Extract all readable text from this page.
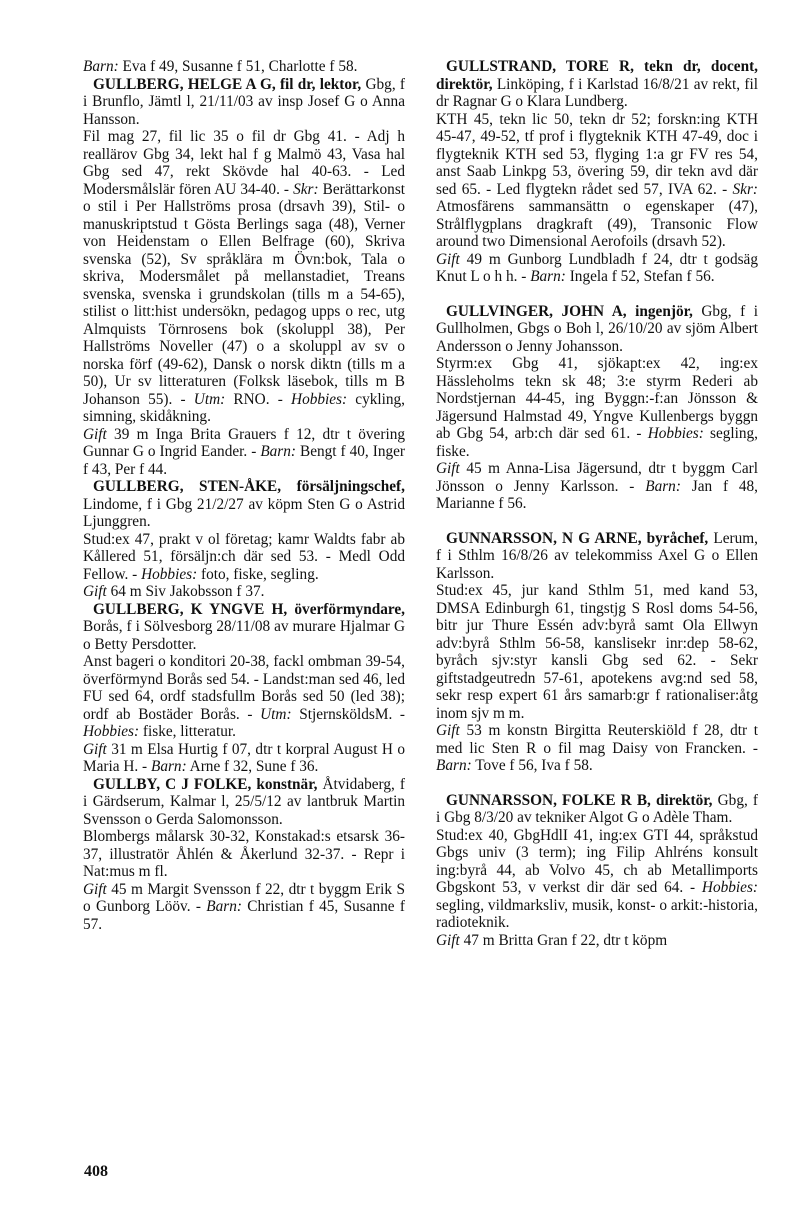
Barn: Eva f 49, Susanne f 51, Charlotte f 58.

GULLBERG, HELGE A G, fil dr, lektor, Gbg, f i Brunflo, Jämtl l, 21/11/03 av insp Josef G o Anna Hansson.

Fil mag 27, fil lic 35 o fil dr Gbg 41. - Adj h reallärov Gbg 34, lekt hal f g Malmö 43, Vasa hal Gbg sed 47, rekt Skövde hal 40-63. - Led Modersmålslär fören AU 34-40. - Skr: Berättarkonst o stil i Per Hallströms prosa (drsavh 39), Stil- o manuskriptstud t Gösta Berlings saga (48), Verner von Heidenstam o Ellen Belfrage (60), Skriva svenska (52), Sv språklära m Övn:bok, Tala o skriva, Modersmålet på mellanstadiet, Treans svenska, svenska i grundskolan (tills m a 54-65), stilist o litt:hist undersökn, pedagog upps o rec, utg Almquists Törnrosens bok (skoluppl 38), Per Hallströms Noveller (47) o a skoluppl av sv o norska förf (49-62), Dansk o norsk diktn (tills m a 50), Ur sv litteraturen (Folksk läsebok, tills m B Johanson 55). - Utm: RNO. - Hobbies: cykling, simning, skidåkning.

Gift 39 m Inga Brita Grauers f 12, dtr t övering Gunnar G o Ingrid Eander. - Barn: Bengt f 40, Inger f 43, Per f 44.

GULLBERG, STEN-ÅKE, försäljningschef, Lindome, f i Gbg 21/2/27 av köpm Sten G o Astrid Ljunggren.

Stud:ex 47, prakt v ol företag; kamr Waldts fabr ab Kållered 51, försäljn:ch där sed 53. - Medl Odd Fellow. - Hobbies: foto, fiske, segling.

Gift 64 m Siv Jakobsson f 37.

GULLBERG, K YNGVE H, överförmyndare, Borås, f i Sölvesborg 28/11/08 av murare Hjalmar G o Betty Persdotter.

Anst bageri o konditori 20-38, fackl ombman 39-54, överförmynd Borås sed 54. - Landst:man sed 46, led FU sed 64, ordf stadsfullm Borås sed 50 (led 38); ordf ab Bostäder Borås. - Utm: StjernsköldsM. - Hobbies: fiske, litteratur.

Gift 31 m Elsa Hurtig f 07, dtr t korpral August H o Maria H. - Barn: Arne f 32, Sune f 36.

GULLBY, C J FOLKE, konstnär, Åtvidaberg, f i Gärdserum, Kalmar l, 25/5/12 av lantbruk Martin Svensson o Gerda Salomonsson.

Blombergs målarsk 30-32, Konstakad:s etsarsk 36-37, illustratör Åhlén & Åkerlund 32-37. - Repr i Nat:mus m fl.

Gift 45 m Margit Svensson f 22, dtr t byggm Erik S o Gunborg Lööv. - Barn: Christian f 45, Susanne f 57.

GULLSTRAND, TORE R, tekn dr, docent, direktör, Linköping, f i Karlstad 16/8/21 av rekt, fil dr Ragnar G o Klara Lundberg.

KTH 45, tekn lic 50, tekn dr 52; forskn:ing KTH 45-47, 49-52, tf prof i flygteknik KTH 47-49, doc i flygteknik KTH sed 53, flyging 1:a gr FV res 54, anst Saab Linkpg 53, övering 59, dir tekn avd där sed 65. - Led flygtekn rådet sed 57, IVA 62. - Skr: Atmosfärens sammansättn o egenskaper (47), Strålflygplans dragkraft (49), Transonic Flow around two Dimensional Aerofoils (drsavh 52).

Gift 49 m Gunborg Lundbladh f 24, dtr t godsäg Knut L o h h. - Barn: Ingela f 52, Stefan f 56.

GULLVINGER, JOHN A, ingenjör, Gbg, f i Gullholmen, Gbgs o Boh l, 26/10/20 av sjöm Albert Andersson o Jenny Johansson.

Styrm:ex Gbg 41, sjökapt:ex 42, ing:ex Hässleholms tekn sk 48; 3:e styrm Rederi ab Nordstjernan 44-45, ing Byggn:-f:an Jönsson & Jägersund Halmstad 49, Yngve Kullenbergs byggn ab Gbg 54, arb:ch där sed 61. - Hobbies: segling, fiske.

Gift 45 m Anna-Lisa Jägersund, dtr t byggm Carl Jönsson o Jenny Karlsson. - Barn: Jan f 48, Marianne f 56.

GUNNARSSON, N G ARNE, byråchef, Lerum, f i Sthlm 16/8/26 av telekommiss Axel G o Ellen Karlsson.

Stud:ex 45, jur kand Sthlm 51, med kand 53, DMSA Edinburgh 61, tingstjg S Rosl doms 54-56, bitr jur Thure Essén adv:byrå samt Ola Ellwyn adv:byrå Sthlm 56-58, kanslisekr inr:dep 58-62, byråch sjv:styr kansli Gbg sed 62. - Sekr giftstadgeutredn 57-61, apotekens avg:nd sed 58, sekr resp expert 61 års samarb:gr f rationaliser:åtg inom sjv m m.

Gift 53 m konstn Birgitta Reuterskiöld f 28, dtr t med lic Sten R o fil mag Daisy von Francken. - Barn: Tove f 56, Iva f 58.

GUNNARSSON, FOLKE R B, direktör, Gbg, f i Gbg 8/3/20 av tekniker Algot G o Adèle Tham.

Stud:ex 40, GbgHdlI 41, ing:ex GTI 44, språkstud Gbgs univ (3 term); ing Filip Ahlréns konsult ing:byrå 44, ab Volvo 45, ch ab Metallimports Gbgskont 53, v verkst dir där sed 64. - Hobbies: segling, vildmarksliv, musik, konst- o arkit:-historia, radioteknik.

Gift 47 m Britta Gran f 22, dtr t köpm

408
